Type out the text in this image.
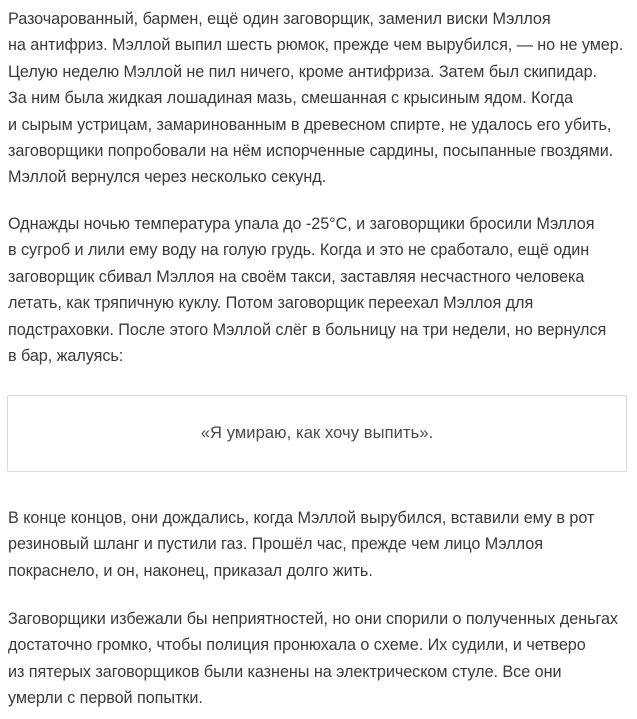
Разочарованный, бармен, ещё один заговорщик, заменил виски Мэллоя
на антифриз. Мэллой выпил шесть рюмок, прежде чем вырубился, — но не умер.
Целую неделю Мэллой не пил ничего, кроме антифриза. Затем был скипидар.
За ним была жидкая лошадиная мазь, смешанная с крысиным ядом. Когда
и сырым устрицам, замаринованным в древесном спирте, не удалось его убить,
заговорщики попробовали на нём испорченные сардины, посыпанные гвоздями.
Мэллой вернулся через несколько секунд.

Однажды ночью температура упала до -25°C, и заговорщики бросили Мэллоя
в сугроб и лили ему воду на голую грудь. Когда и это не сработало, ещё один
заговорщик сбивал Мэллоя на своём такси, заставляя несчастного человека
летать, как тряпичную куклу. Потом заговорщик переехал Мэллоя для
подстраховки. После этого Мэллой слёг в больницу на три недели, но вернулся
в бар, жалуясь:

«Я умираю, как хочу выпить».

В конце концов, они дождались, когда Мэллой вырубился, вставили ему в рот
резиновый шланг и пустили газ. Прошёл час, прежде чем лицо Мэллоя
покраснело, и он, наконец, приказал долго жить.

Заговорщики избежали бы неприятностей, но они спорили о полученных деньгах
достаточно громко, чтобы полиция пронюхала о схеме. Их судили, и четверо
из пятерых заговорщиков были казнены на электрическом стуле. Все они
умерли с первой попытки.
